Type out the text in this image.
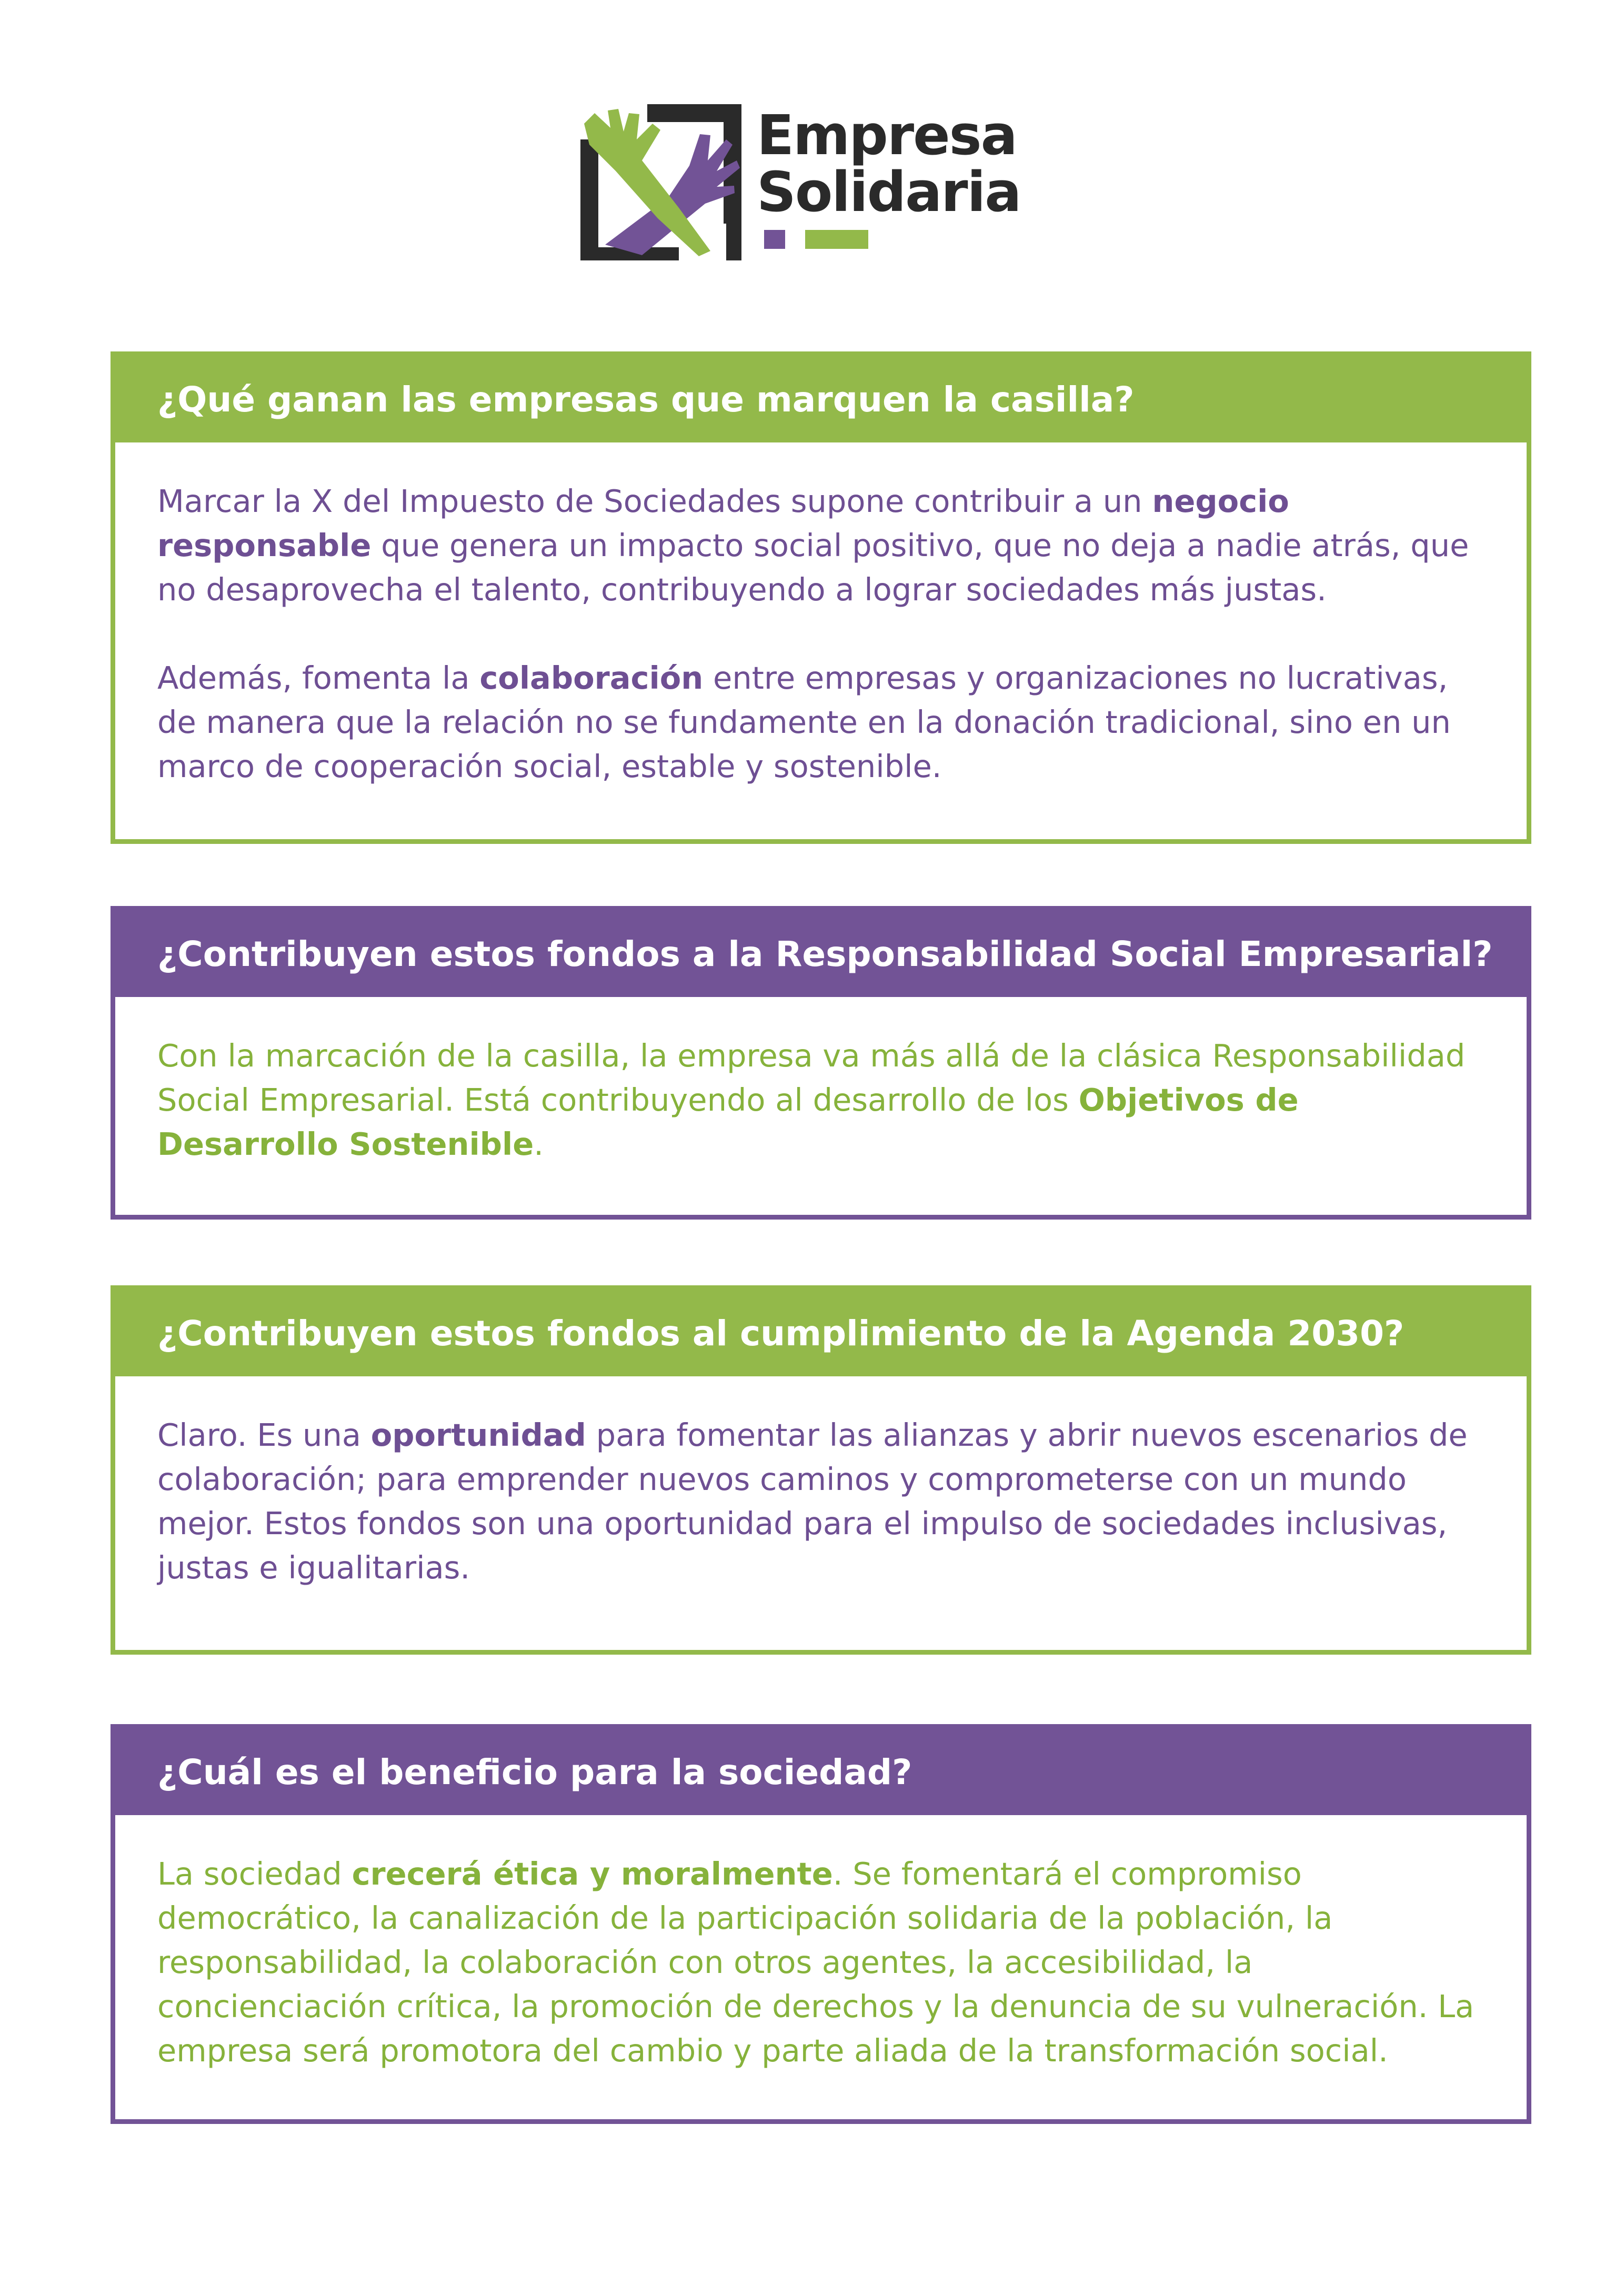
Empresa
Solidaria
¿Qué ganan las empresas que marquen la casilla?

Marcar la X del Impuesto de Sociedades supone contribuir a un negocio responsable que genera un impacto social positivo, que no deja a nadie atrás, que no desaprovecha el talento, contribuyendo a lograr sociedades más justas.

Además, fomenta la colaboración entre empresas y organizaciones no lucrativas, de manera que la relación no se fundamente en la donación tradicional, sino en un marco de cooperación social, estable y sostenible.

¿Contribuyen estos fondos a la Responsabilidad Social Empresarial?

Con la marcación de la casilla, la empresa va más allá de la clásica Responsabilidad Social Empresarial. Está contribuyendo al desarrollo de los Objetivos de Desarrollo Sostenible.

¿Contribuyen estos fondos al cumplimiento de la Agenda 2030?

Claro. Es una oportunidad para fomentar las alianzas y abrir nuevos escenarios de colaboración; para emprender nuevos caminos y comprometerse con un mundo mejor. Estos fondos son una oportunidad para el impulso de sociedades inclusivas, justas e igualitarias.

¿Cuál es el beneficio para la sociedad?

La sociedad crecerá ética y moralmente. Se fomentará el compromiso democrático, la canalización de la participación solidaria de la población, la responsabilidad, la colaboración con otros agentes, la accesibilidad, la concienciación crítica, la promoción de derechos y la denuncia de su vulneración. La empresa será promotora del cambio y parte aliada de la transformación social.
